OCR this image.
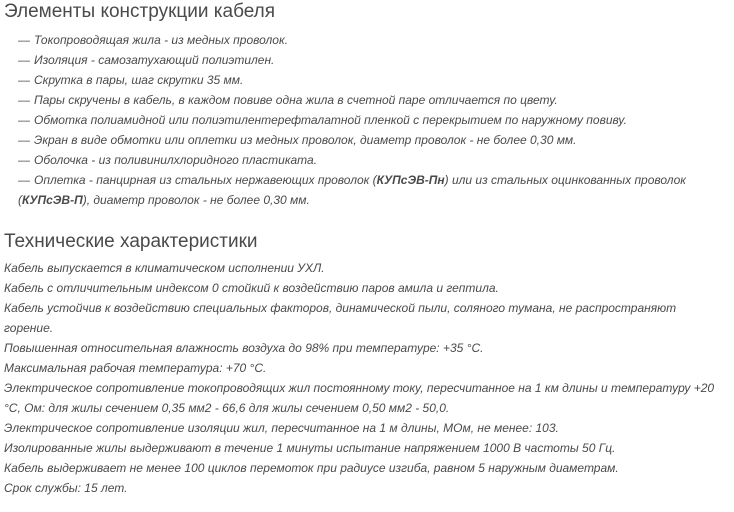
Элементы конструкции кабеля
— Токопроводящая жила - из медных проволок.
— Изоляция - самозатухающий полиэтилен.
— Скрутка в пары, шаг скрутки 35 мм.
— Пары скручены в кабель, в каждом повиве одна жила в счетной паре отличается по цвету.
— Обмотка полиамидной или полиэтилентерефталатной пленкой с перекрытием по наружному повиву.
— Экран в виде обмотки или оплетки из медных проволок, диаметр проволок - не более 0,30 мм.
— Оболочка - из поливинилхлоридного пластиката.
— Оплетка - панцирная из стальных нержавеющих проволок (КУПсЭВ-Пн) или из стальных оцинкованных проволок
(КУПсЭВ-П), диаметр проволок - не более 0,30 мм.
Технические характеристики

Кабель выпускается в климатическом исполнении УХЛ.

Кабель с отличительным индексом 0 стойкий к воздействию паров амила и гептила.

Кабель устойчив к воздействию специальных факторов, динамической пыли, соляного тумана, не распространяют

горение.

Повышенная относительная влажность воздуха до 98% при температуре: +35 °С.

Максимальная рабочая температура: +70 °С.

Электрическое сопротивление токопроводящих жил постоянному току, пересчитанное на 1 км длины и температуру +20

°С, Ом: для жилы сечением 0,35 мм2 - 66,6 для жилы сечением 0,50 мм2 - 50,0.

Электрическое сопротивление изоляции жил, пересчитанное на 1 м длины, МОм, не менее: 103.

Изолированные жилы выдерживают в течение 1 минуты испытание напряжением 1000 В частоты 50 Гц.

Кабель выдерживает не менее 100 циклов перемоток при радиусе изгиба, равном 5 наружным диаметрам.

Срок службы: 15 лет.
